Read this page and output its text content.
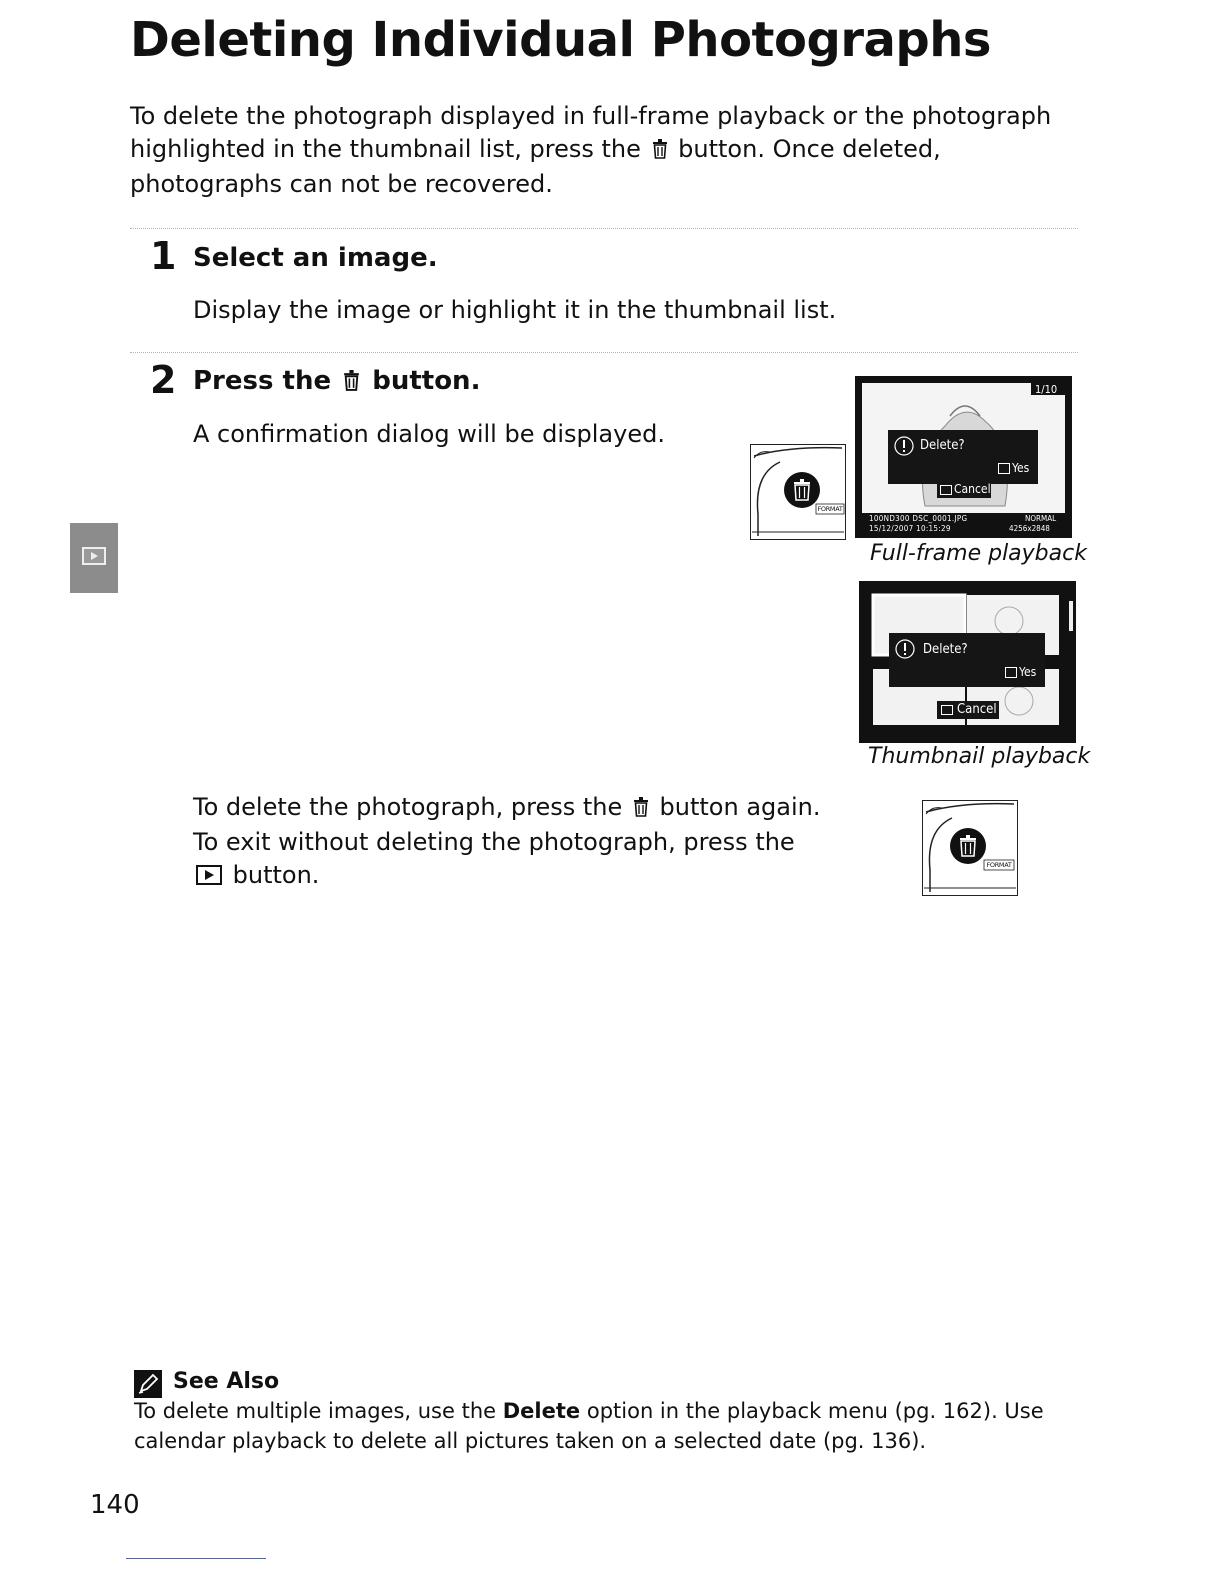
Deleting Individual Photographs
To delete the photograph displayed in full-frame playback or the photograph highlighted in the thumbnail list, press the button. Once deleted, photographs can not be recovered.
1 Select an image.
Display the image or highlight it in the thumbnail list.
2 Press the button.
A confirmation dialog will be displayed.
FORMAT
1/10
Delete?
Yes
Cancel
100ND300 DSC_0001.JPG	NORMAL
15/12/2007 10:15:29	4256x2848
Full-frame playback
Delete?
Yes
Cancel
Thumbnail playback
To delete the photograph, press the button again. To exit without deleting the photograph, press the  button.	FORMAT
See Also
To delete multiple images, use the Delete option in the playback menu (pg. 162). Use calendar playback to delete all pictures taken on a selected date (pg. 136).
140
